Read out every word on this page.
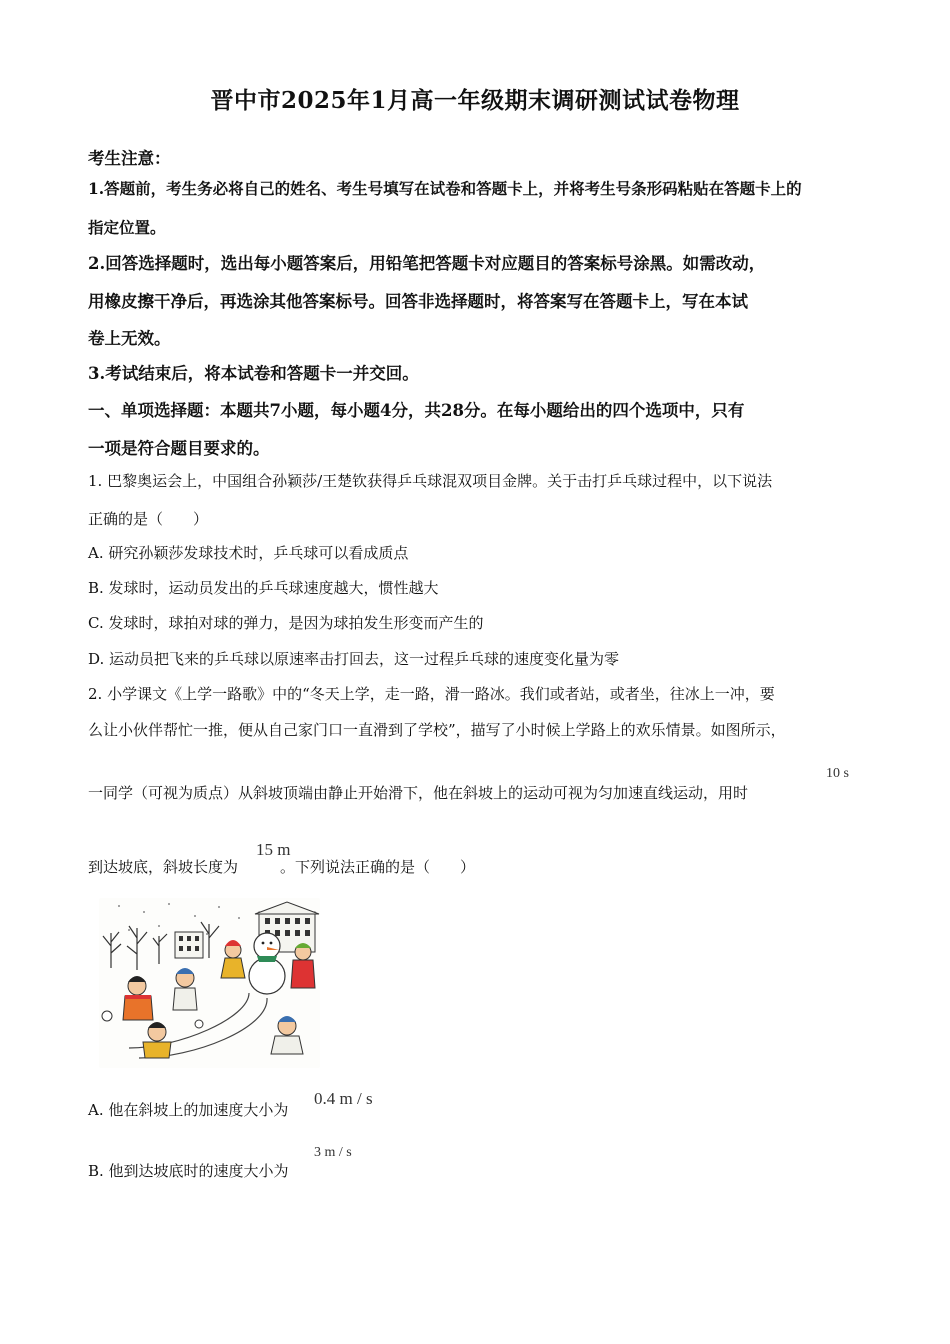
晋中市2025年1月高一年级期末调研测试试卷物理
考生注意：
1.答题前，考生务必将自己的姓名、考生号填写在试卷和答题卡上，并将考生号条形码粘贴在答题卡上的
指定位置。
2.回答选择题时，选出每小题答案后，用铅笔把答题卡对应题目的答案标号涂黑。如需改动，
用橡皮擦干净后，再选涂其他答案标号。回答非选择题时，将答案写在答题卡上，写在本试
卷上无效。
3.考试结束后，将本试卷和答题卡一并交回。
一、单项选择题：本题共7小题，每小题4分，共28分。在每小题给出的四个选项中，只有
一项是符合题目要求的。
1. 巴黎奥运会上，中国组合孙颖莎/王楚钦获得乒乓球混双项目金牌。关于击打乒乓球过程中，以下说法
正确的是（　　）
A. 研究孙颖莎发球技术时，乒乓球可以看成质点
B. 发球时，运动员发出的乒乓球速度越大，惯性越大
C. 发球时，球拍对球的弹力，是因为球拍发生形变而产生的
D. 运动员把飞来的乒乓球以原速率击打回去，这一过程乒乓球的速度变化量为零
2. 小学课文《上学一路歌》中的“冬天上学，走一路，滑一路冰。我们或者站，或者坐，往冰上一冲，要
么让小伙伴帮忙一推，便从自己家门口一直滑到了学校”，描写了小时候上学路上的欢乐情景。如图所示，
一同学（可视为质点）从斜坡顶端由静止开始滑下，他在斜坡上的运动可视为匀加速直线运动，用时
10 s
到达坡底，斜坡长度为	。下列说法正确的是（　　）
15 m
A. 他在斜坡上的加速度大小为
0.4 m / s
B. 他到达坡底时的速度大小为
3 m / s
